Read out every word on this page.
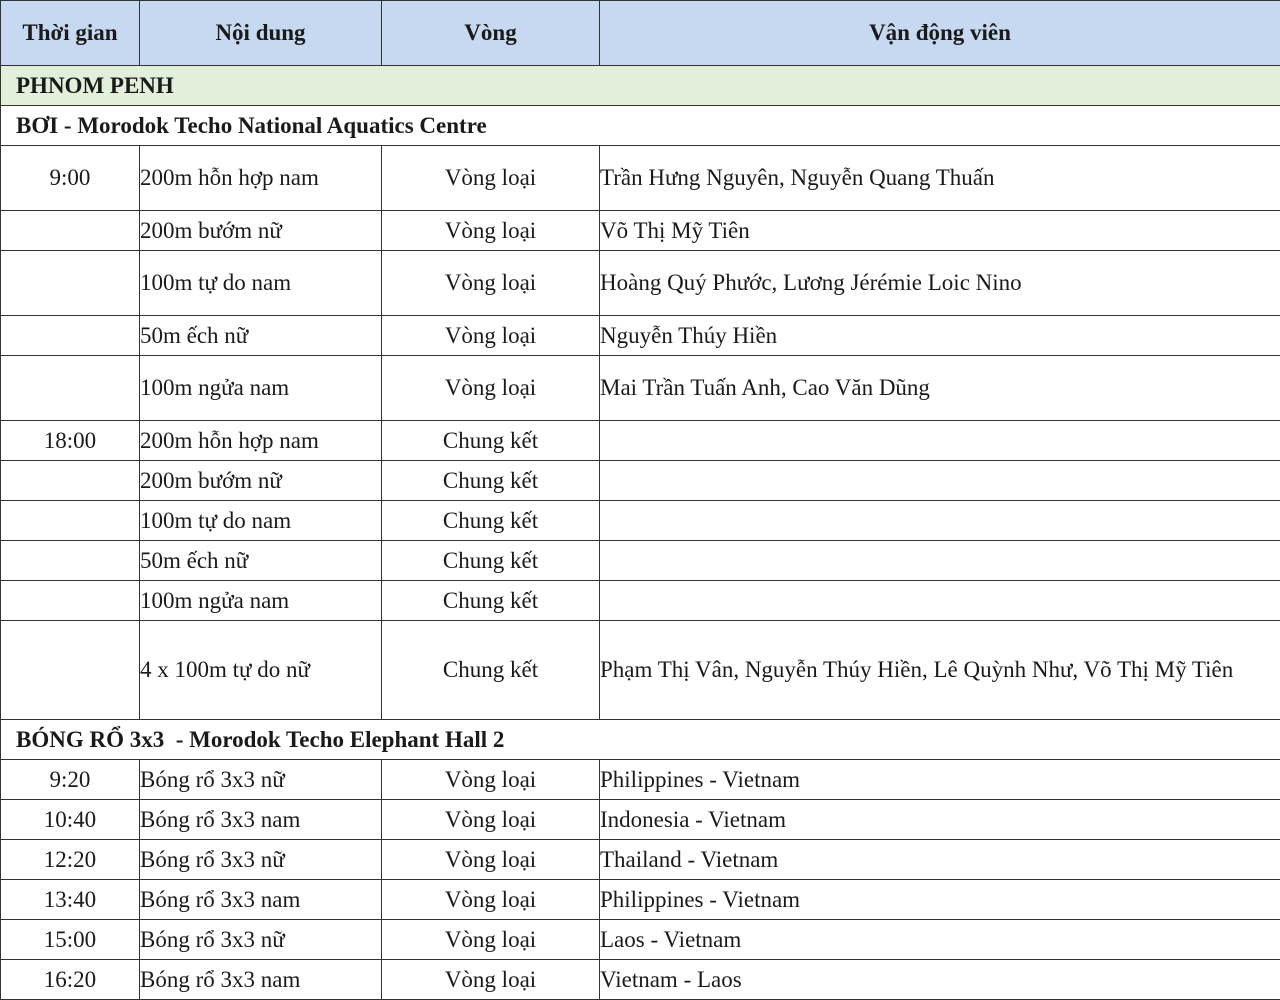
Thời gian	Nội dung	Vòng	Vận động viên
PHNOM PENH			
BƠI - Morodok Techo National Aquatics Centre			
9:00	200m hỗn hợp nam	Vòng loại	Trần Hưng Nguyên, Nguyễn Quang Thuấn
	200m bướm nữ	Vòng loại	Võ Thị Mỹ Tiên
	100m tự do nam	Vòng loại	Hoàng Quý Phước, Lương Jérémie Loic Nino
	50m ếch nữ	Vòng loại	Nguyễn Thúy Hiền
	100m ngửa nam	Vòng loại	Mai Trần Tuấn Anh, Cao Văn Dũng
18:00	200m hỗn hợp nam	Chung kết	
	200m bướm nữ	Chung kết	
	100m tự do nam	Chung kết	
	50m ếch nữ	Chung kết	
	100m ngửa nam	Chung kết	
	4 x 100m tự do nữ	Chung kết	Phạm Thị Vân, Nguyễn Thúy Hiền, Lê Quỳnh Như, Võ Thị Mỹ Tiên
BÓNG RỔ 3x3  - Morodok Techo Elephant Hall 2			
9:20	Bóng rổ 3x3 nữ	Vòng loại	Philippines - Vietnam
10:40	Bóng rổ 3x3 nam	Vòng loại	Indonesia - Vietnam
12:20	Bóng rổ 3x3 nữ	Vòng loại	Thailand - Vietnam
13:40	Bóng rổ 3x3 nam	Vòng loại	Philippines - Vietnam
15:00	Bóng rổ 3x3 nữ	Vòng loại	Laos - Vietnam
16:20	Bóng rổ 3x3 nam	Vòng loại	Vietnam - Laos
